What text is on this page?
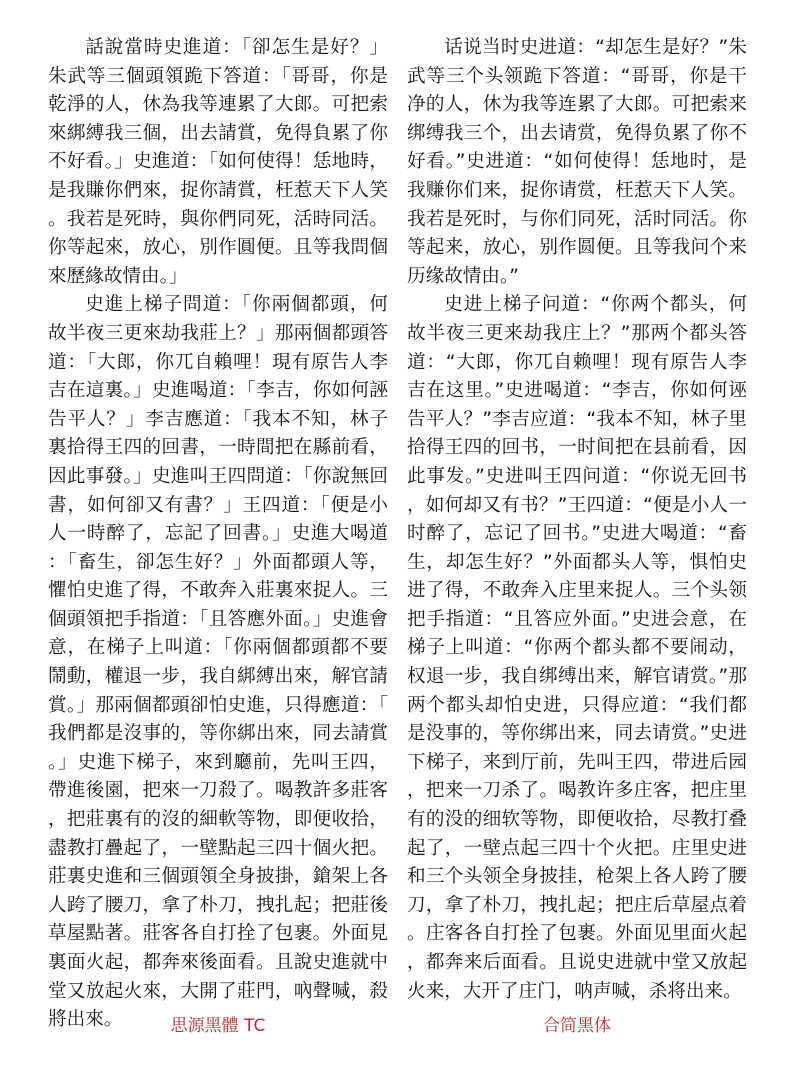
話說當時史進道：「卻怎生是好？」朱武等三個頭領跪下答道：「哥哥，你是乾淨的人，休為我等連累了大郎。可把索來綁縛我三個，出去請賞，免得負累了你不好看。」史進道：「如何使得！恁地時，是我賺你們來，捉你請賞，枉惹天下人笑。我若是死時，與你們同死，活時同活。你等起來，放心，別作圓便。且等我問個來歷緣故情由。」

史進上梯子問道：「你兩個都頭，何故半夜三更來劫我莊上？」那兩個都頭答道：「大郎，你兀自賴哩！現有原告人李吉在這裏。」史進喝道：「李吉，你如何誣告平人？」李吉應道：「我本不知，林子裏拾得王四的回書，一時間把在縣前看，因此事發。」史進叫王四問道：「你說無回書，如何卻又有書？」王四道：「便是小人一時醉了，忘記了回書。」史進大喝道：「畜生，卻怎生好？」外面都頭人等，懼怕史進了得，不敢奔入莊裏來捉人。三個頭領把手指道：「且答應外面。」史進會意，在梯子上叫道：「你兩個都頭都不要鬧動，權退一步，我自綁縛出來，解官請賞。」那兩個都頭卻怕史進，只得應道：「我們都是沒事的，等你綁出來，同去請賞。」史進下梯子，來到廳前，先叫王四，帶進後園，把來一刀殺了。喝教許多莊客，把莊裏有的沒的細軟等物，即便收拾，盡教打疊起了，一壁點起三四十個火把。莊裏史進和三個頭領全身披掛，鎗架上各人跨了腰刀，拿了朴刀，拽扎起；把莊後草屋點著。莊客各自打拴了包裹。外面見裏面火起，都奔來後面看。且說史進就中堂又放起火來，大開了莊門，吶聲喊，殺將出來。

话说当时史进道：“却怎生是好？”朱武等三个头领跪下答道：“哥哥，你是干净的人，休为我等连累了大郎。可把索来绑缚我三个，出去请赏，免得负累了你不好看。”史进道：“如何使得！恁地时，是我赚你们来，捉你请赏，枉惹天下人笑。我若是死时，与你们同死，活时同活。你等起来，放心，别作圆便。且等我问个来历缘故情由。”

史进上梯子问道：“你两个都头，何故半夜三更来劫我庄上？”那两个都头答道：“大郎，你兀自赖哩！现有原告人李吉在这里。”史进喝道：“李吉，你如何诬告平人？”李吉应道：“我本不知，林子里拾得王四的回书，一时间把在县前看，因此事发。”史进叫王四问道：“你说无回书，如何却又有书？”王四道：“便是小人一时醉了，忘记了回书。”史进大喝道：“畜生，却怎生好？”外面都头人等，惧怕史进了得，不敢奔入庄里来捉人。三个头领把手指道：“且答应外面。”史进会意，在梯子上叫道：“你两个都头都不要闹动，权退一步，我自绑缚出来，解官请赏。”那两个都头却怕史进，只得应道：“我们都是没事的，等你绑出来，同去请赏。”史进下梯子，来到厅前，先叫王四，带进后园，把来一刀杀了。喝教许多庄客，把庄里有的没的细软等物，即便收拾，尽教打叠起了，一壁点起三四十个火把。庄里史进和三个头领全身披挂，枪架上各人跨了腰刀，拿了朴刀，拽扎起；把庄后草屋点着。庄客各自打拴了包裹。外面见里面火起，都奔来后面看。且说史进就中堂又放起火来，大开了庄门，呐声喊，杀将出来。

思源黑體 TC	合简黑体
